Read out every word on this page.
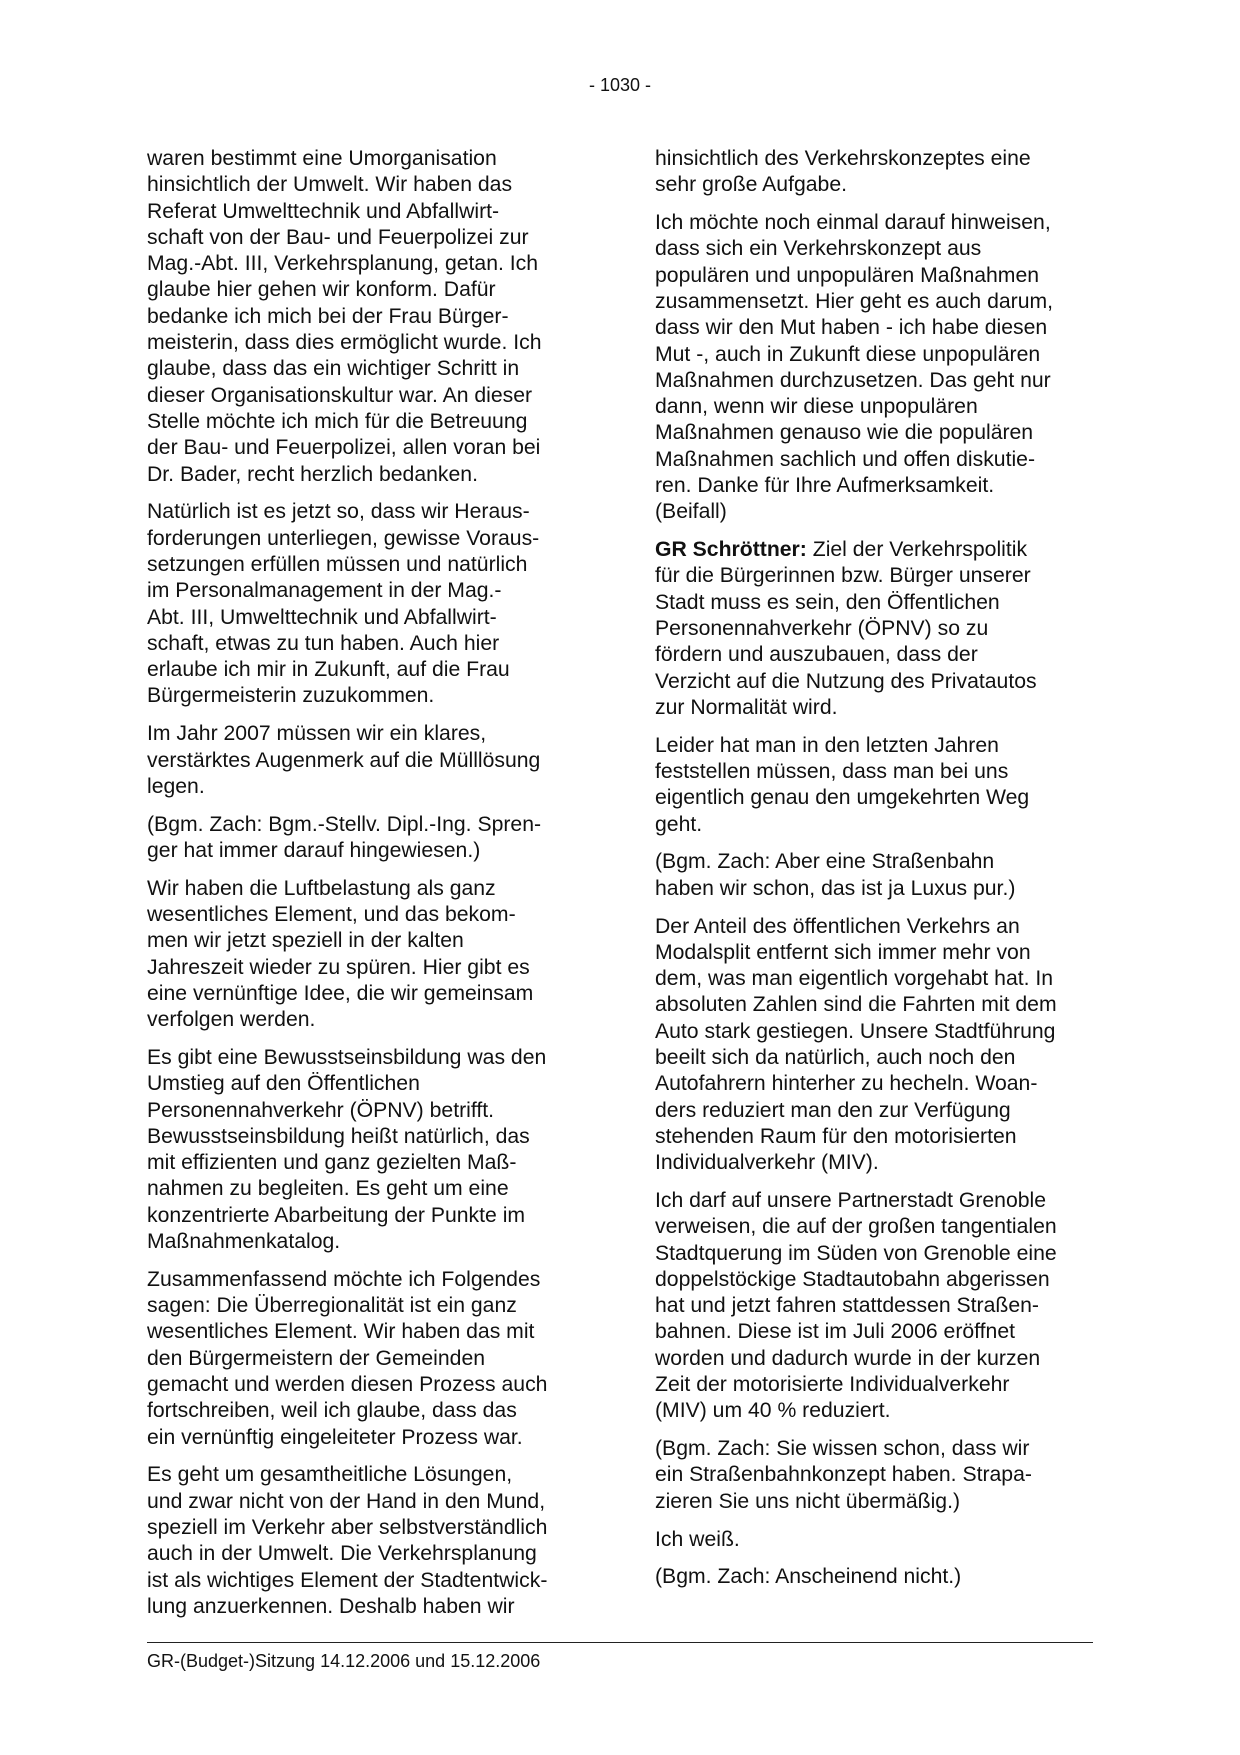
- 1030 -

waren bestimmt eine Umorganisation
hinsichtlich der Umwelt. Wir haben das
Referat Umwelttechnik und Abfallwirt-
schaft von der Bau- und Feuerpolizei zur
Mag.-Abt. III, Verkehrsplanung, getan. Ich
glaube hier gehen wir konform. Dafür
bedanke ich mich bei der Frau Bürger-
meisterin, dass dies ermöglicht wurde. Ich
glaube, dass das ein wichtiger Schritt in
dieser Organisationskultur war. An dieser
Stelle möchte ich mich für die Betreuung
der Bau- und Feuerpolizei, allen voran bei
Dr. Bader, recht herzlich bedanken.

Natürlich ist es jetzt so, dass wir Heraus-
forderungen unterliegen, gewisse Voraus-
setzungen erfüllen müssen und natürlich
im Personalmanagement in der Mag.-
Abt. III, Umwelttechnik und Abfallwirt-
schaft, etwas zu tun haben. Auch hier
erlaube ich mir in Zukunft, auf die Frau
Bürgermeisterin zuzukommen.

Im Jahr 2007 müssen wir ein klares,
verstärktes Augenmerk auf die Mülllösung
legen.

(Bgm. Zach: Bgm.-Stellv. Dipl.-Ing. Spren-
ger hat immer darauf hingewiesen.)

Wir haben die Luftbelastung als ganz
wesentliches Element, und das bekom-
men wir jetzt speziell in der kalten
Jahreszeit wieder zu spüren. Hier gibt es
eine vernünftige Idee, die wir gemeinsam
verfolgen werden.

Es gibt eine Bewusstseinsbildung was den
Umstieg auf den Öffentlichen
Personennahverkehr (ÖPNV) betrifft.
Bewusstseinsbildung heißt natürlich, das
mit effizienten und ganz gezielten Maß-
nahmen zu begleiten. Es geht um eine
konzentrierte Abarbeitung der Punkte im
Maßnahmenkatalog.

Zusammenfassend möchte ich Folgendes
sagen: Die Überregionalität ist ein ganz
wesentliches Element. Wir haben das mit
den Bürgermeistern der Gemeinden
gemacht und werden diesen Prozess auch
fortschreiben, weil ich glaube, dass das
ein vernünftig eingeleiteter Prozess war.

Es geht um gesamtheitliche Lösungen,
und zwar nicht von der Hand in den Mund,
speziell im Verkehr aber selbstverständlich
auch in der Umwelt. Die Verkehrsplanung
ist als wichtiges Element der Stadtentwick-
lung anzuerkennen. Deshalb haben wir

hinsichtlich des Verkehrskonzeptes eine
sehr große Aufgabe.

Ich möchte noch einmal darauf hinweisen,
dass sich ein Verkehrskonzept aus
populären und unpopulären Maßnahmen
zusammensetzt. Hier geht es auch darum,
dass wir den Mut haben - ich habe diesen
Mut -, auch in Zukunft diese unpopulären
Maßnahmen durchzusetzen. Das geht nur
dann, wenn wir diese unpopulären
Maßnahmen genauso wie die populären
Maßnahmen sachlich und offen diskutie-
ren. Danke für Ihre Aufmerksamkeit.
(Beifall)

GR Schröttner: Ziel der Verkehrspolitik
für die Bürgerinnen bzw. Bürger unserer
Stadt muss es sein, den Öffentlichen
Personennahverkehr (ÖPNV) so zu
fördern und auszubauen, dass der
Verzicht auf die Nutzung des Privatautos
zur Normalität wird.

Leider hat man in den letzten Jahren
feststellen müssen, dass man bei uns
eigentlich genau den umgekehrten Weg
geht.

(Bgm. Zach: Aber eine Straßenbahn
haben wir schon, das ist ja Luxus pur.)

Der Anteil des öffentlichen Verkehrs an
Modalsplit entfernt sich immer mehr von
dem, was man eigentlich vorgehabt hat. In
absoluten Zahlen sind die Fahrten mit dem
Auto stark gestiegen. Unsere Stadtführung
beeilt sich da natürlich, auch noch den
Autofahrern hinterher zu hecheln. Woan-
ders reduziert man den zur Verfügung
stehenden Raum für den motorisierten
Individualverkehr (MIV).

Ich darf auf unsere Partnerstadt Grenoble
verweisen, die auf der großen tangentialen
Stadtquerung im Süden von Grenoble eine
doppelstöckige Stadtautobahn abgerissen
hat und jetzt fahren stattdessen Straßen-
bahnen. Diese ist im Juli 2006 eröffnet
worden und dadurch wurde in der kurzen
Zeit der motorisierte Individualverkehr
(MIV) um 40 % reduziert.

(Bgm. Zach: Sie wissen schon, dass wir
ein Straßenbahnkonzept haben. Strapa-
zieren Sie uns nicht übermäßig.)

Ich weiß.

(Bgm. Zach: Anscheinend nicht.)

GR-(Budget-)Sitzung 14.12.2006 und 15.12.2006
